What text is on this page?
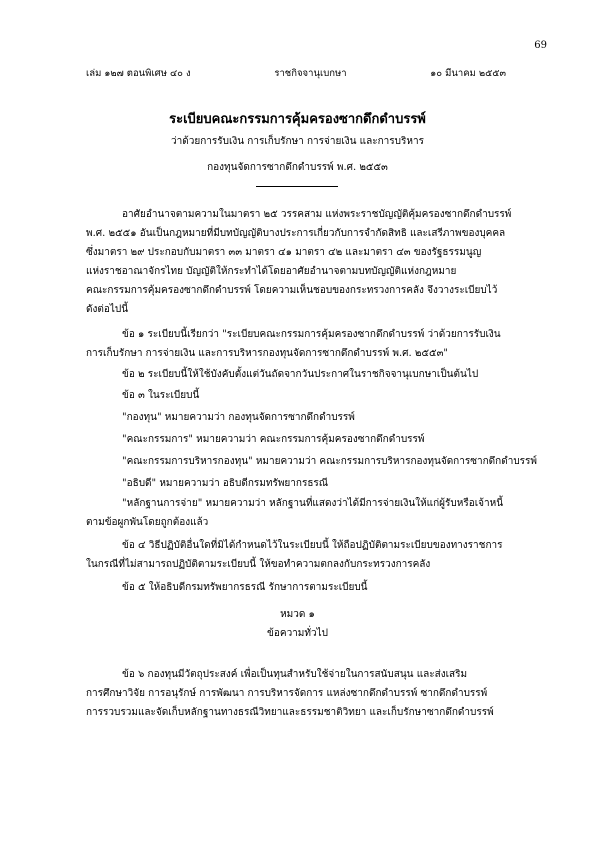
69
เล่ม ๑๒๗ ตอนพิเศษ ๔๐ ง	ราชกิจจานุเบกษา	๑๐ มีนาคม ๒๕๕๓
ระเบียบคณะกรรมการคุ้มครองซากดึกดำบรรพ์
ว่าด้วยการรับเงิน การเก็บรักษา การจ่ายเงิน และการบริหาร
กองทุนจัดการซากดึกดำบรรพ์ พ.ศ. ๒๕๕๓
อาศัยอำนาจตามความในมาตรา ๒๕ วรรคสาม แห่งพระราชบัญญัติคุ้มครองซากดึกดำบรรพ์
พ.ศ. ๒๕๕๑ อันเป็นกฎหมายที่มีบทบัญญัติบางประการเกี่ยวกับการจำกัดสิทธิ และเสรีภาพของบุคคล
ซึ่งมาตรา ๒๙ ประกอบกับมาตรา ๓๓ มาตรา ๔๑ มาตรา ๔๒ และมาตรา ๔๓ ของรัฐธรรมนูญ
แห่งราชอาณาจักรไทย บัญญัติให้กระทำได้โดยอาศัยอำนาจตามบทบัญญัติแห่งกฎหมาย
คณะกรรมการคุ้มครองซากดึกดำบรรพ์ โดยความเห็นชอบของกระทรวงการคลัง จึงวางระเบียบไว้
ดังต่อไปนี้
ข้อ ๑ ระเบียบนี้เรียกว่า "ระเบียบคณะกรรมการคุ้มครองซากดึกดำบรรพ์ ว่าด้วยการรับเงิน
การเก็บรักษา การจ่ายเงิน และการบริหารกองทุนจัดการซากดึกดำบรรพ์ พ.ศ. ๒๕๕๓"
ข้อ ๒ ระเบียบนี้ให้ใช้บังคับตั้งแต่วันถัดจากวันประกาศในราชกิจจานุเบกษาเป็นต้นไป
ข้อ ๓ ในระเบียบนี้
"กองทุน" หมายความว่า กองทุนจัดการซากดึกดำบรรพ์
"คณะกรรมการ" หมายความว่า คณะกรรมการคุ้มครองซากดึกดำบรรพ์
"คณะกรรมการบริหารกองทุน" หมายความว่า คณะกรรมการบริหารกองทุนจัดการซากดึกดำบรรพ์
"อธิบดี" หมายความว่า อธิบดีกรมทรัพยากรธรณี
"หลักฐานการจ่าย" หมายความว่า หลักฐานที่แสดงว่าได้มีการจ่ายเงินให้แก่ผู้รับหรือเจ้าหนี้
ตามข้อผูกพันโดยถูกต้องแล้ว
ข้อ ๔ วิธีปฏิบัติอื่นใดที่มิได้กำหนดไว้ในระเบียบนี้ ให้ถือปฏิบัติตามระเบียบของทางราชการ
ในกรณีที่ไม่สามารถปฏิบัติตามระเบียบนี้ ให้ขอทำความตกลงกับกระทรวงการคลัง
ข้อ ๕ ให้อธิบดีกรมทรัพยากรธรณี รักษาการตามระเบียบนี้
หมวด ๑
ข้อความทั่วไป
ข้อ ๖ กองทุนมีวัตถุประสงค์ เพื่อเป็นทุนสำหรับใช้จ่ายในการสนับสนุน และส่งเสริม
การศึกษาวิจัย การอนุรักษ์ การพัฒนา การบริหารจัดการ แหล่งซากดึกดำบรรพ์ ซากดึกดำบรรพ์
การรวบรวมและจัดเก็บหลักฐานทางธรณีวิทยาและธรรมชาติวิทยา และเก็บรักษาซากดึกดำบรรพ์
